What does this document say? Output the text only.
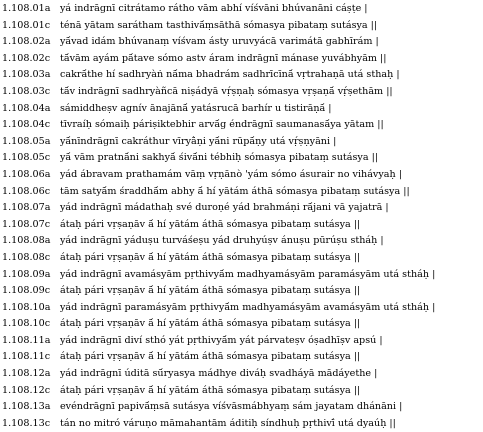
1.108.01a yá indrāgnī citrátamo rátho vām abhí víśvāni bhúvanāni cáṣṭe |
1.108.01c	ténā yātam sarátham tasthivā́ṃsāthā sómasya pibataṃ sutásya ||
1.108.02a yā́vad idám bhúvanaṃ víśvam ásty uruvyácā varimátā gabhīrám |
1.108.02c	tā́vām ayám pā́tave sómo astv áram indrāgnī mánase yuvábhyām ||
1.108.03a cakrā́the hí sadhryàṅ nā́ma bhadrám sadhrīcīnā́ vṛtrahaṇā utá sthaḥ |
1.108.03c	tā́v indrāgnī sadhryàñcā niṣádyā vṛ́ṣṇaḥ sómasya vṛṣaṇā́ vṛ́ṣethām ||
1.108.04a sámiddheṣv agnív ānajānā́ yatásrucā barhír u tistirāṇā́ |
1.108.04c	tīvraíḥ sómaiḥ páriṣiktebhir arvā́g éndrāgnī saumanasā́ya yātam ||
1.108.05a yā́nīndrāgnī cakráthur vīryā̀ṇi yā́ni rūpā́ṇy utá vṛ́ṣṇyāni |
1.108.05c	yā́ vām pratnā́ni sakhyā́ śivā́ni tébhiḥ sómasya pibataṃ sutásya ||
1.108.06a yád ábravam prathamám vāṃ vṛṇānò 'yám sómo ásurair no vihávyaḥ |
1.108.06c	tām satyā́m śraddhā́m abhy ā́ hí yātám áthā sómasya pibataṃ sutásya ||
1.108.07a yád indrāgnī mádathaḥ své duroṇé yád brahmáṇi rā́jani vā yajatrā |
1.108.07c	átaḥ pári vṛṣaṇāv ā́ hí yātám áthā sómasya pibataṃ sutásya ||
1.108.08a yád indrāgnī yáduṣu turváśeṣu yád druhyúṣv ánuṣu pūrúṣu stháḥ |
1.108.08c	átaḥ pári vṛṣaṇāv ā́ hí yātám áthā sómasya pibataṃ sutásya ||
1.108.09a yád indrāgnī avamásyām pṛthivyā́m madhyamásyām paramásyām utá stháḥ |
1.108.09c	átaḥ pári vṛṣaṇāv ā́ hí yātám áthā sómasya pibataṃ sutásya ||
1.108.10a yád indrāgnī paramásyām pṛthivyā́m madhyamásyām avamásyām utá stháḥ |
1.108.10c	átaḥ pári vṛṣaṇāv ā́ hí yātám áthā sómasya pibataṃ sutásya ||
1.108.11a yád indrāgnī diví sthó yát pṛthivyā́m yát párvateṣv óṣadhīṣv apsú |
1.108.11c	átaḥ pári vṛṣaṇāv ā́ hí yātám áthā sómasya pibataṃ sutásya ||
1.108.12a yád indrāgnī úditā sū́ryasya mádhye diváḥ svadháyā mādáyethe |
1.108.12c	átaḥ pári vṛṣaṇāv ā́ hí yātám áthā sómasya pibataṃ sutásya ||
1.108.13a evéndrāgnī papivā́ṃsā sutásya víśvāsmábhyaṃ sám jayatam dhánāni |
1.108.13c	tán no mitró váruṇo māmahantām áditiḥ síndhuḥ pṛthivī́ utá dyaúḥ ||
